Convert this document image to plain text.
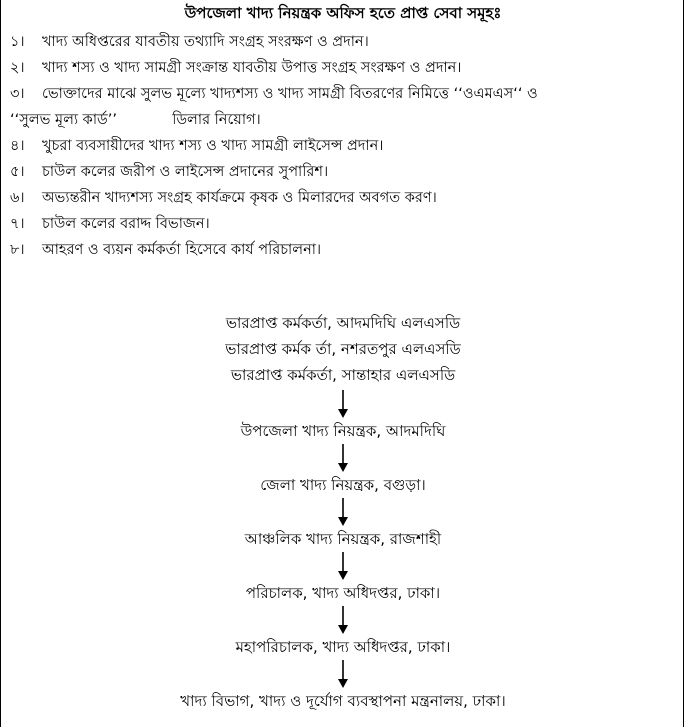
উপজেলা খাদ্য নিয়ন্ত্রক অফিস হতে প্রাপ্ত সেবা সমূহঃ
১। খাদ্য অধিপ্তরের যাবতীয় তথ্যাদি সংগ্রহ সংরক্ষণ ও প্রদান।
২। খাদ্য শস্য ও খাদ্য সামগ্রী সংক্রান্ত যাবতীয় উপাত্ত সংগ্রহ সংরক্ষণ ও প্রদান।
৩। ভোক্তাদের মাঝে সুলভ মূল্যে খাদ্যশস্য ও খাদ্য সামগ্রী বিতরণের নিমিত্তে ‘‘ওএমএস‘‘ ও
‘‘সুলভ মূল্য কার্ড’’            ডিলার নিয়োগ।
৪। খুচরা ব্যবসায়ীদের খাদ্য শস্য ও খাদ্য সামগ্রী লাইসেন্স প্রদান।
৫। চাউল কলের জরীপ ও লাইসেন্স প্রদানের সুপারিশ।
৬। অভ্যন্তরীন খাদ্যশস্য সংগ্রহ কার্যক্রমে কৃষক ও মিলারদের অবগত করণ।
৭। চাউল কলের বরাদ্দ বিভাজন।
৮। আহরণ ও ব্যয়ন কর্মকর্তা হিসেবে কার্য পরিচালনা।
ভারপ্রাপ্ত কর্মকর্তা, আদমদিঘি এলএসডি
ভারপ্রাপ্ত কর্মক র্তা, নশরতপুর এলএসডি
ভারপ্রাপ্ত কর্মকর্তা, সান্তাহার এলএসডি
উপজেলা খাদ্য নিয়ন্ত্রক, আদমদিঘি
জেলা খাদ্য নিয়ন্ত্রক, বগুড়া।
আঞ্চলিক খাদ্য নিয়ন্ত্রক, রাজশাহী
পরিচালক, খাদ্য অধিদপ্তর, ঢাকা।
মহাপরিচালক, খাদ্য অধিদপ্তর, ঢাকা।
খাদ্য বিভাগ, খাদ্য ও দূর্যোগ ব্যবস্থাপনা মন্ত্রনালয়, ঢাকা।
